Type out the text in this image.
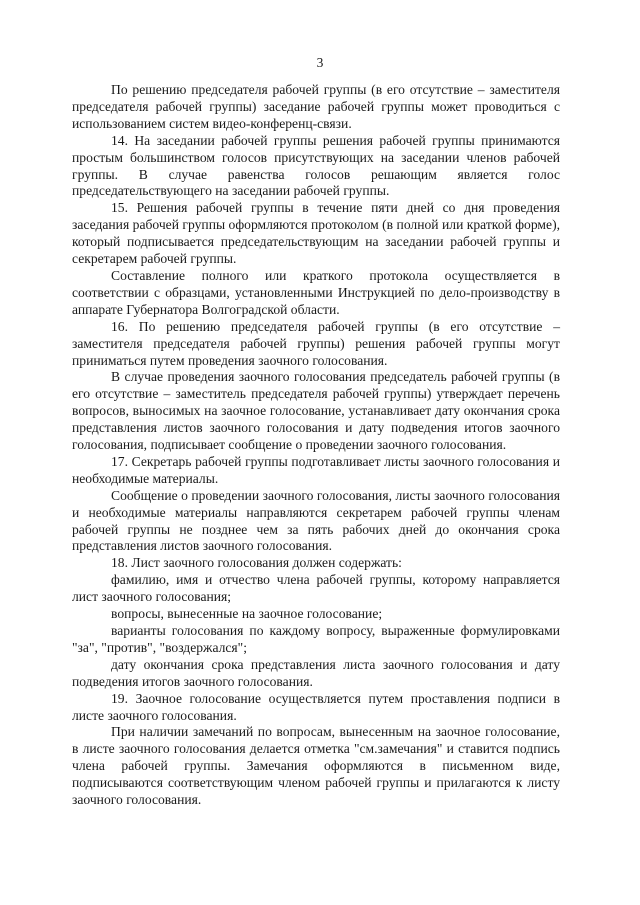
3

По решению председателя рабочей группы (в его отсутствие – заместителя председателя рабочей группы) заседание рабочей группы может проводиться с использованием систем видео-конференц-связи.

14. На заседании рабочей группы решения рабочей группы принимаются простым большинством голосов присутствующих на заседании членов рабочей группы. В случае равенства голосов решающим является голос председательствующего на заседании рабочей группы.

15. Решения рабочей группы в течение пяти дней со дня проведения заседания рабочей группы оформляются протоколом (в полной или краткой форме), который подписывается председательствующим на заседании рабочей группы и секретарем рабочей группы.

Составление полного или краткого протокола осуществляется в соответствии с образцами, установленными Инструкцией по дело-производству в аппарате Губернатора Волгоградской области.

16. По решению председателя рабочей группы (в его отсутствие – заместителя председателя рабочей группы) решения рабочей группы могут приниматься путем проведения заочного голосования.

В случае проведения заочного голосования председатель рабочей группы (в его отсутствие – заместитель председателя рабочей группы) утверждает перечень вопросов, выносимых на заочное голосование, устанавливает дату окончания срока представления листов заочного голосования и дату подведения итогов заочного голосования, подписывает сообщение о проведении заочного голосования.

17. Секретарь рабочей группы подготавливает листы заочного голосования и необходимые материалы.

Сообщение о проведении заочного голосования, листы заочного голосования и необходимые материалы направляются секретарем рабочей группы членам рабочей группы не позднее чем за пять рабочих дней до окончания срока представления листов заочного голосования.

18. Лист заочного голосования должен содержать:

фамилию, имя и отчество члена рабочей группы, которому направляется лист заочного голосования;

вопросы, вынесенные на заочное голосование;

варианты голосования по каждому вопросу, выраженные формулировками "за", "против", "воздержался";

дату окончания срока представления листа заочного голосования и дату подведения итогов заочного голосования.

19. Заочное голосование осуществляется путем проставления подписи в листе заочного голосования.

При наличии замечаний по вопросам, вынесенным на заочное голосование, в листе заочного голосования делается отметка "см.замечания" и ставится подпись члена рабочей группы. Замечания оформляются в письменном виде, подписываются соответствующим членом рабочей группы и прилагаются к листу заочного голосования.
